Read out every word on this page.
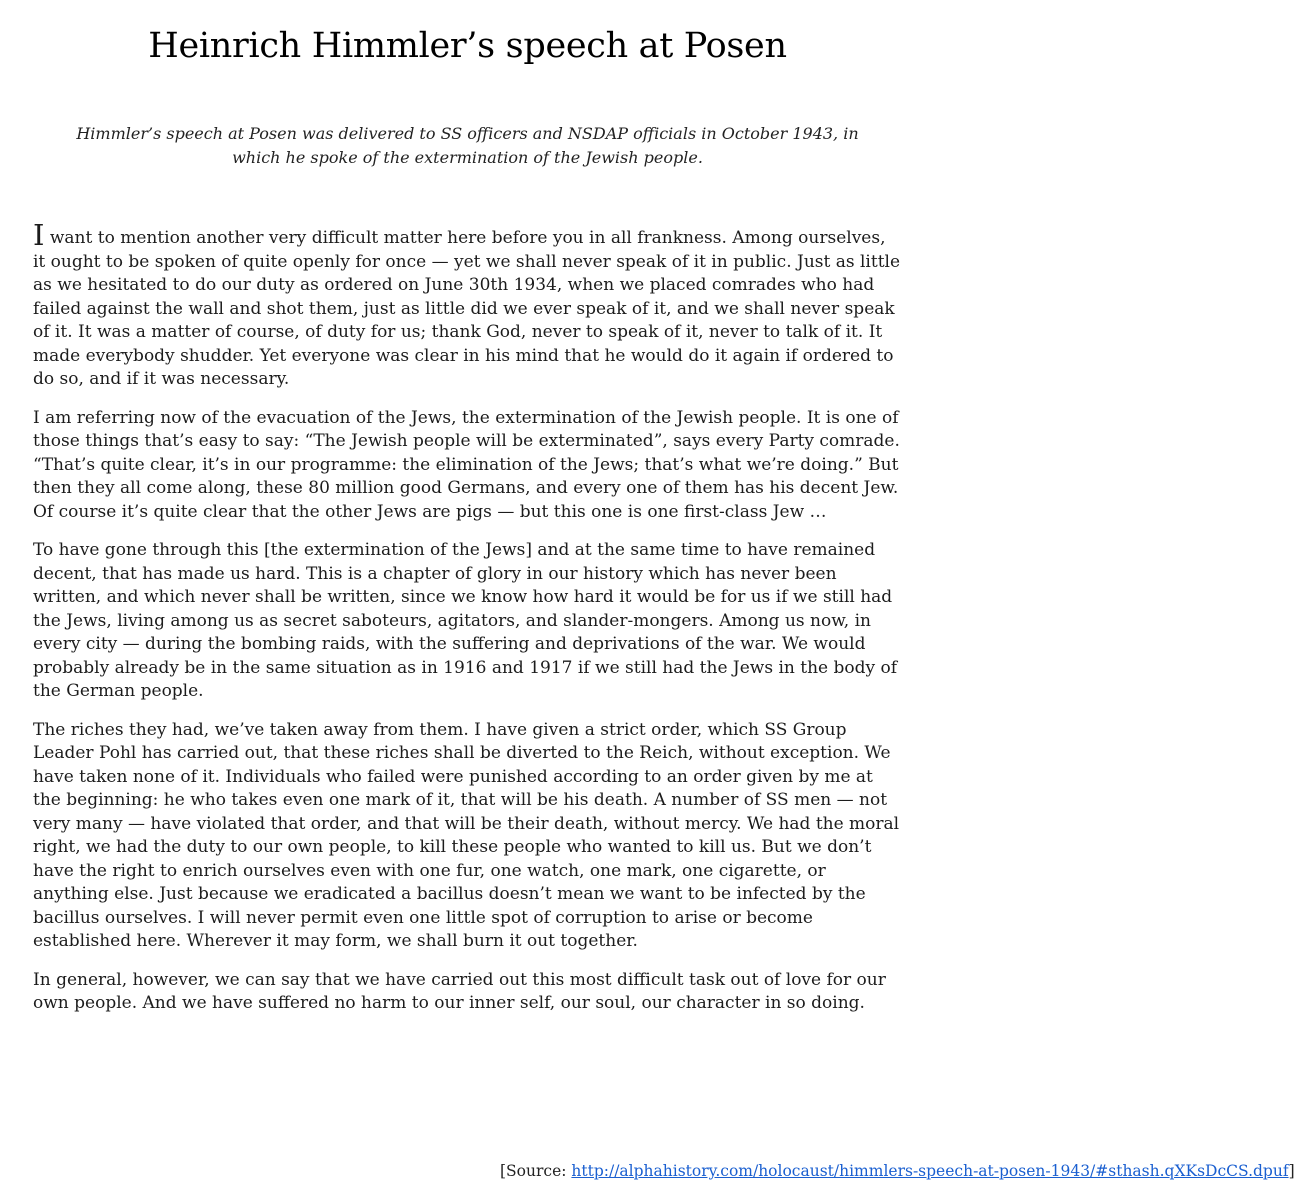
Heinrich Himmler’s speech at Posen

Himmler’s speech at Posen was delivered to SS officers and NSDAP officials in October 1943, in which he spoke of the extermination of the Jewish people.

I want to mention another very difficult matter here before you in all frankness. Among ourselves, it ought to be spoken of quite openly for once — yet we shall never speak of it in public. Just as little as we hesitated to do our duty as ordered on June 30th 1934, when we placed comrades who had failed against the wall and shot them, just as little did we ever speak of it, and we shall never speak of it. It was a matter of course, of duty for us; thank God, never to speak of it, never to talk of it. It made everybody shudder. Yet everyone was clear in his mind that he would do it again if ordered to do so, and if it was necessary.

I am referring now of the evacuation of the Jews, the extermination of the Jewish people. It is one of those things that’s easy to say: “The Jewish people will be exterminated”, says every Party comrade. “That’s quite clear, it’s in our programme: the elimination of the Jews; that’s what we’re doing.” But then they all come along, these 80 million good Germans, and every one of them has his decent Jew. Of course it’s quite clear that the other Jews are pigs — but this one is one first-class Jew …

To have gone through this [the extermination of the Jews] and at the same time to have remained decent, that has made us hard. This is a chapter of glory in our history which has never been written, and which never shall be written, since we know how hard it would be for us if we still had the Jews, living among us as secret saboteurs, agitators, and slander-mongers. Among us now, in every city — during the bombing raids, with the suffering and deprivations of the war. We would probably already be in the same situation as in 1916 and 1917 if we still had the Jews in the body of the German people.

The riches they had, we’ve taken away from them. I have given a strict order, which SS Group Leader Pohl has carried out, that these riches shall be diverted to the Reich, without exception. We have taken none of it. Individuals who failed were punished according to an order given by me at the beginning: he who takes even one mark of it, that will be his death. A number of SS men — not very many — have violated that order, and that will be their death, without mercy. We had the moral right, we had the duty to our own people, to kill these people who wanted to kill us. But we don’t have the right to enrich ourselves even with one fur, one watch, one mark, one cigarette, or anything else. Just because we eradicated a bacillus doesn’t mean we want to be infected by the bacillus ourselves. I will never permit even one little spot of corruption to arise or become established here. Wherever it may form, we shall burn it out together.

In general, however, we can say that we have carried out this most difficult task out of love for our own people. And we have suffered no harm to our inner self, our soul, our character in so doing.

[Source: http://alphahistory.com/holocaust/himmlers-speech-at-posen-1943/#sthash.qXKsDcCS.dpuf]
